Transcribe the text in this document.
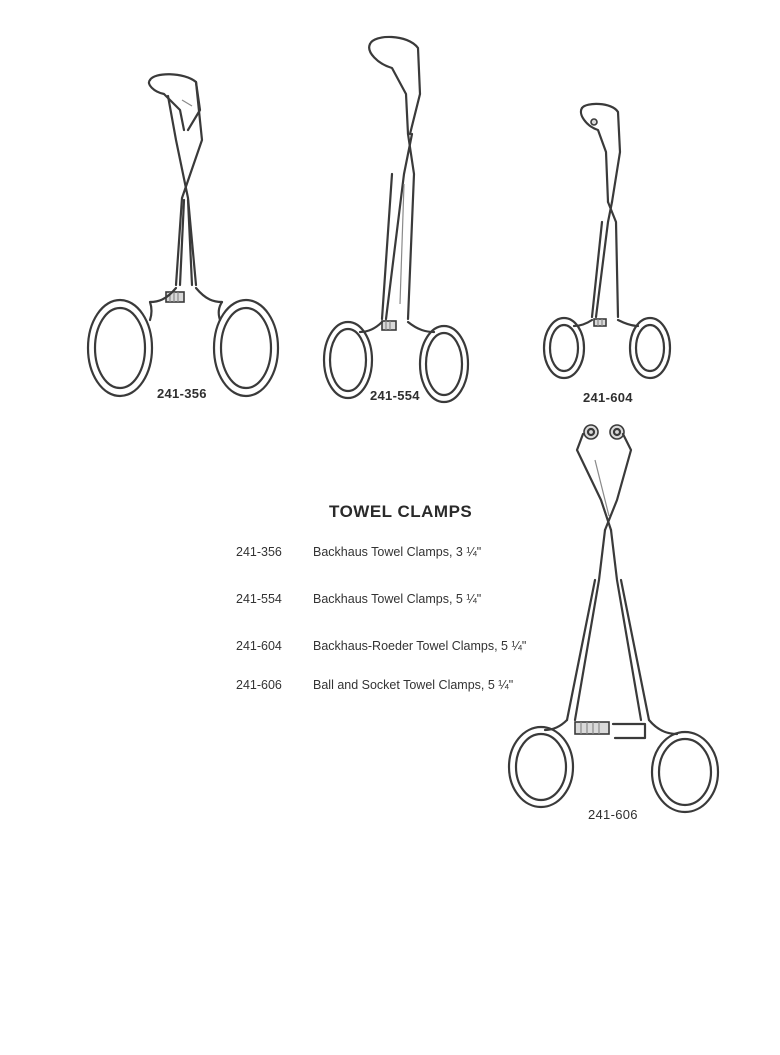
241-356	241-554	241-604
241-606
TOWEL CLAMPS
241-356 Backhaus Towel Clamps, 3 ¼"
241-554 Backhaus Towel Clamps, 5 ¼"
241-604 Backhaus-Roeder Towel Clamps, 5 ¼"
241-606 Ball and Socket Towel Clamps, 5 ¼"
